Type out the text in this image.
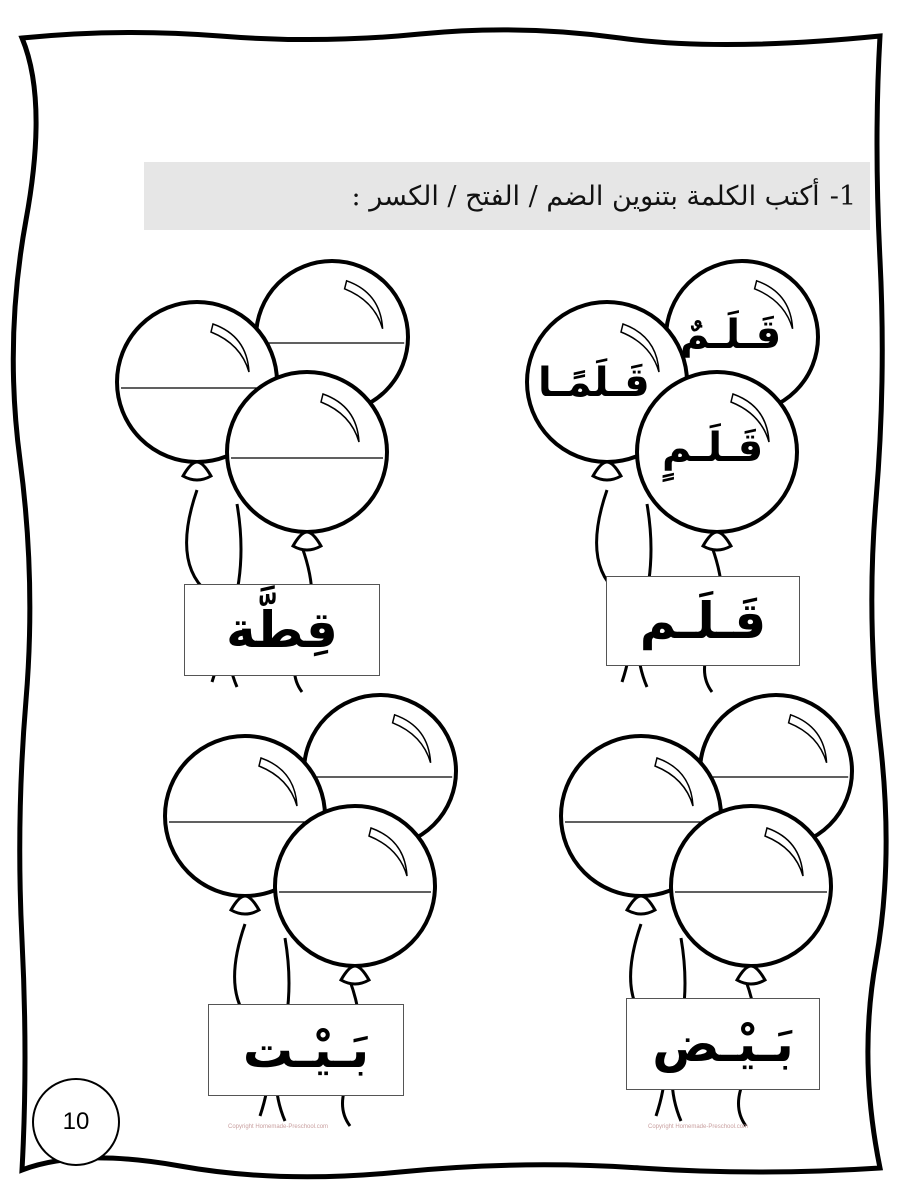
1-
أكتب الكلمة بتنوين الضم / الفتح / الكسر :
قَـلَـم
قِطَّة
بَـيْـض
بَـيْـت
قَـلَـمٌ
قَـلَمًـا
قَـلَـمٍ
10	Copyright Homemade-Preschool.com	Copyright Homemade-Preschool.com
